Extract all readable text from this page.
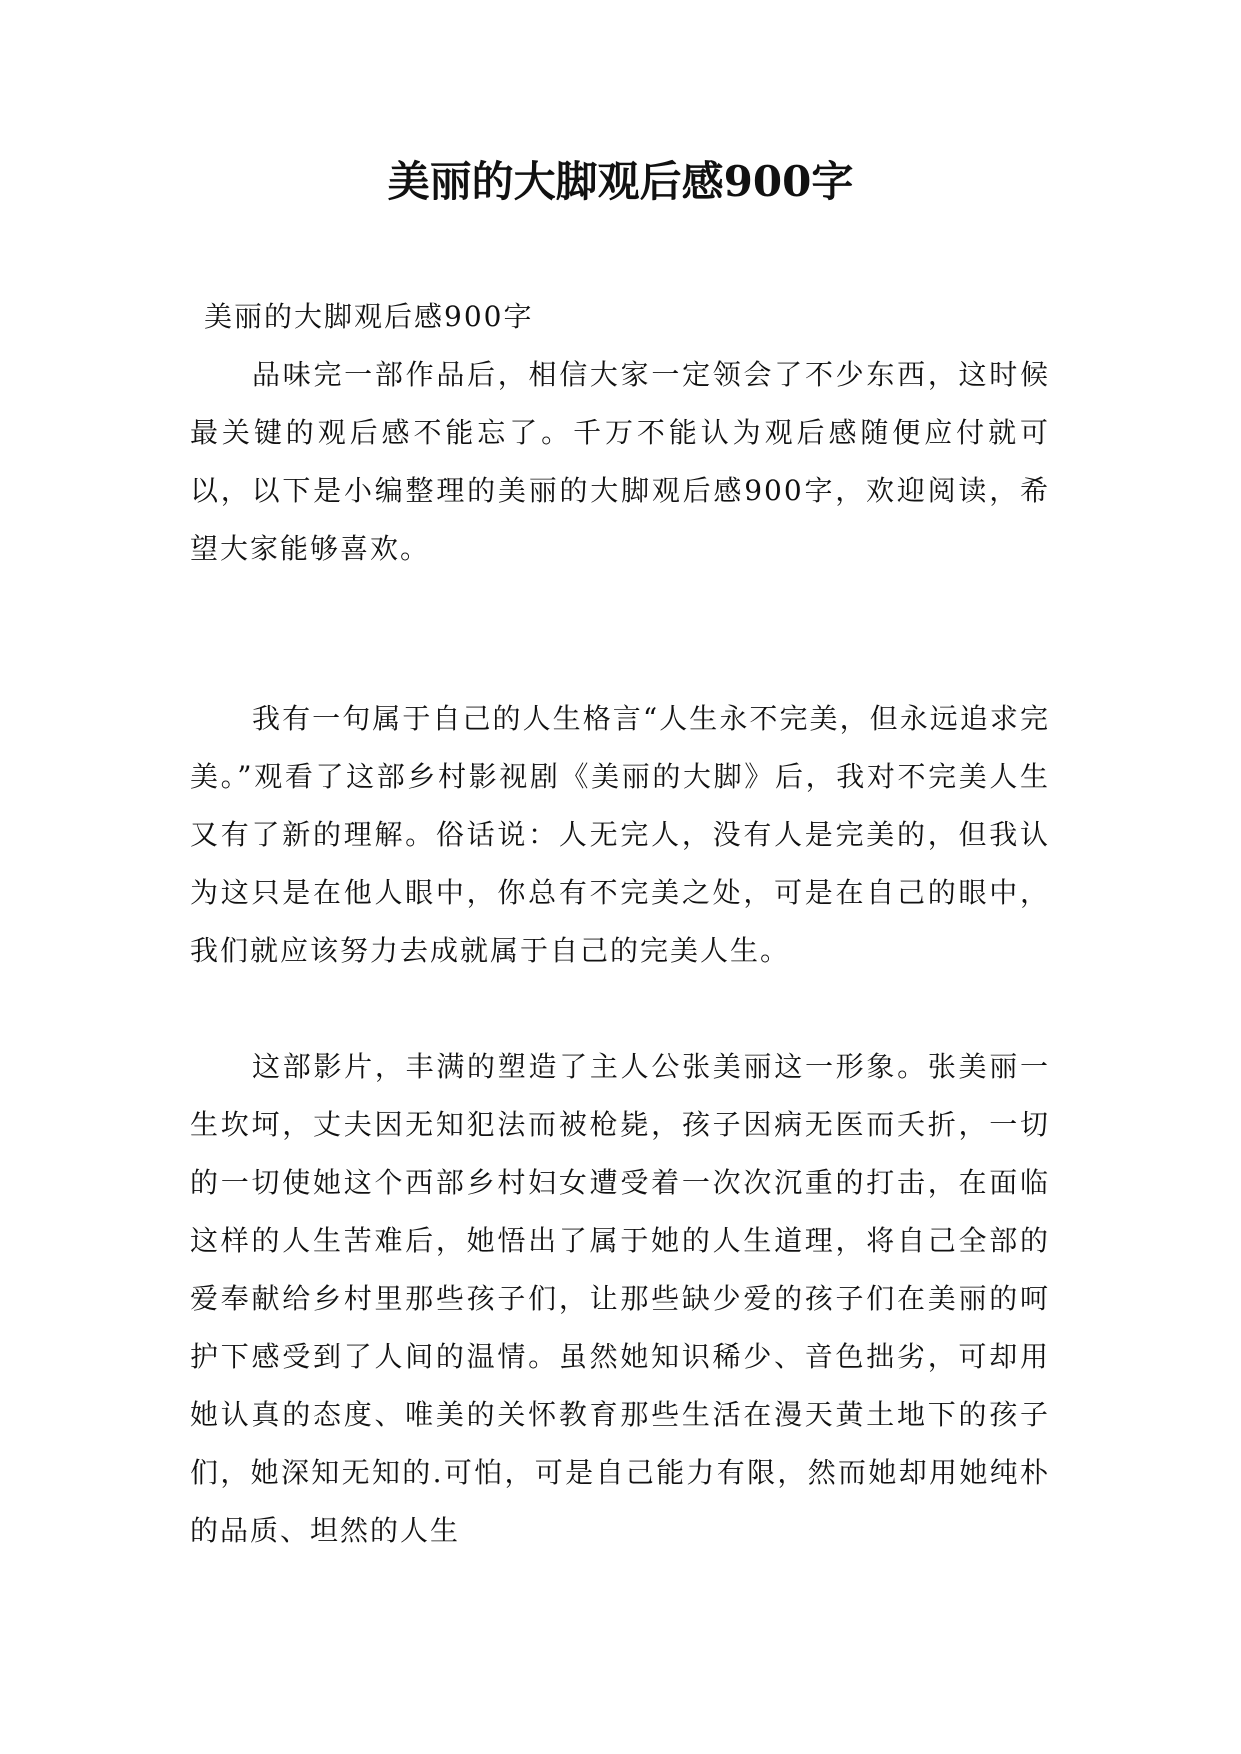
美丽的大脚观后感900字

美丽的大脚观后感900字

品味完一部作品后，相信大家一定领会了不少东西，这时候最关键的观后感不能忘了。千万不能认为观后感随便应付就可以，以下是小编整理的美丽的大脚观后感900字，欢迎阅读，希望大家能够喜欢。

我有一句属于自己的人生格言“人生永不完美，但永远追求完美。”观看了这部乡村影视剧《美丽的大脚》后，我对不完美人生又有了新的理解。俗话说：人无完人，没有人是完美的，但我认为这只是在他人眼中，你总有不完美之处，可是在自己的眼中，我们就应该努力去成就属于自己的完美人生。

这部影片，丰满的塑造了主人公张美丽这一形象。张美丽一生坎坷，丈夫因无知犯法而被枪毙，孩子因病无医而夭折，一切的一切使她这个西部乡村妇女遭受着一次次沉重的打击，在面临这样的人生苦难后，她悟出了属于她的人生道理，将自己全部的爱奉献给乡村里那些孩子们，让那些缺少爱的孩子们在美丽的呵护下感受到了人间的温情。虽然她知识稀少、音色拙劣，可却用她认真的态度、唯美的关怀教育那些生活在漫天黄土地下的孩子们，她深知无知的.可怕，可是自己能力有限，然而她却用她纯朴的品质、坦然的人生
